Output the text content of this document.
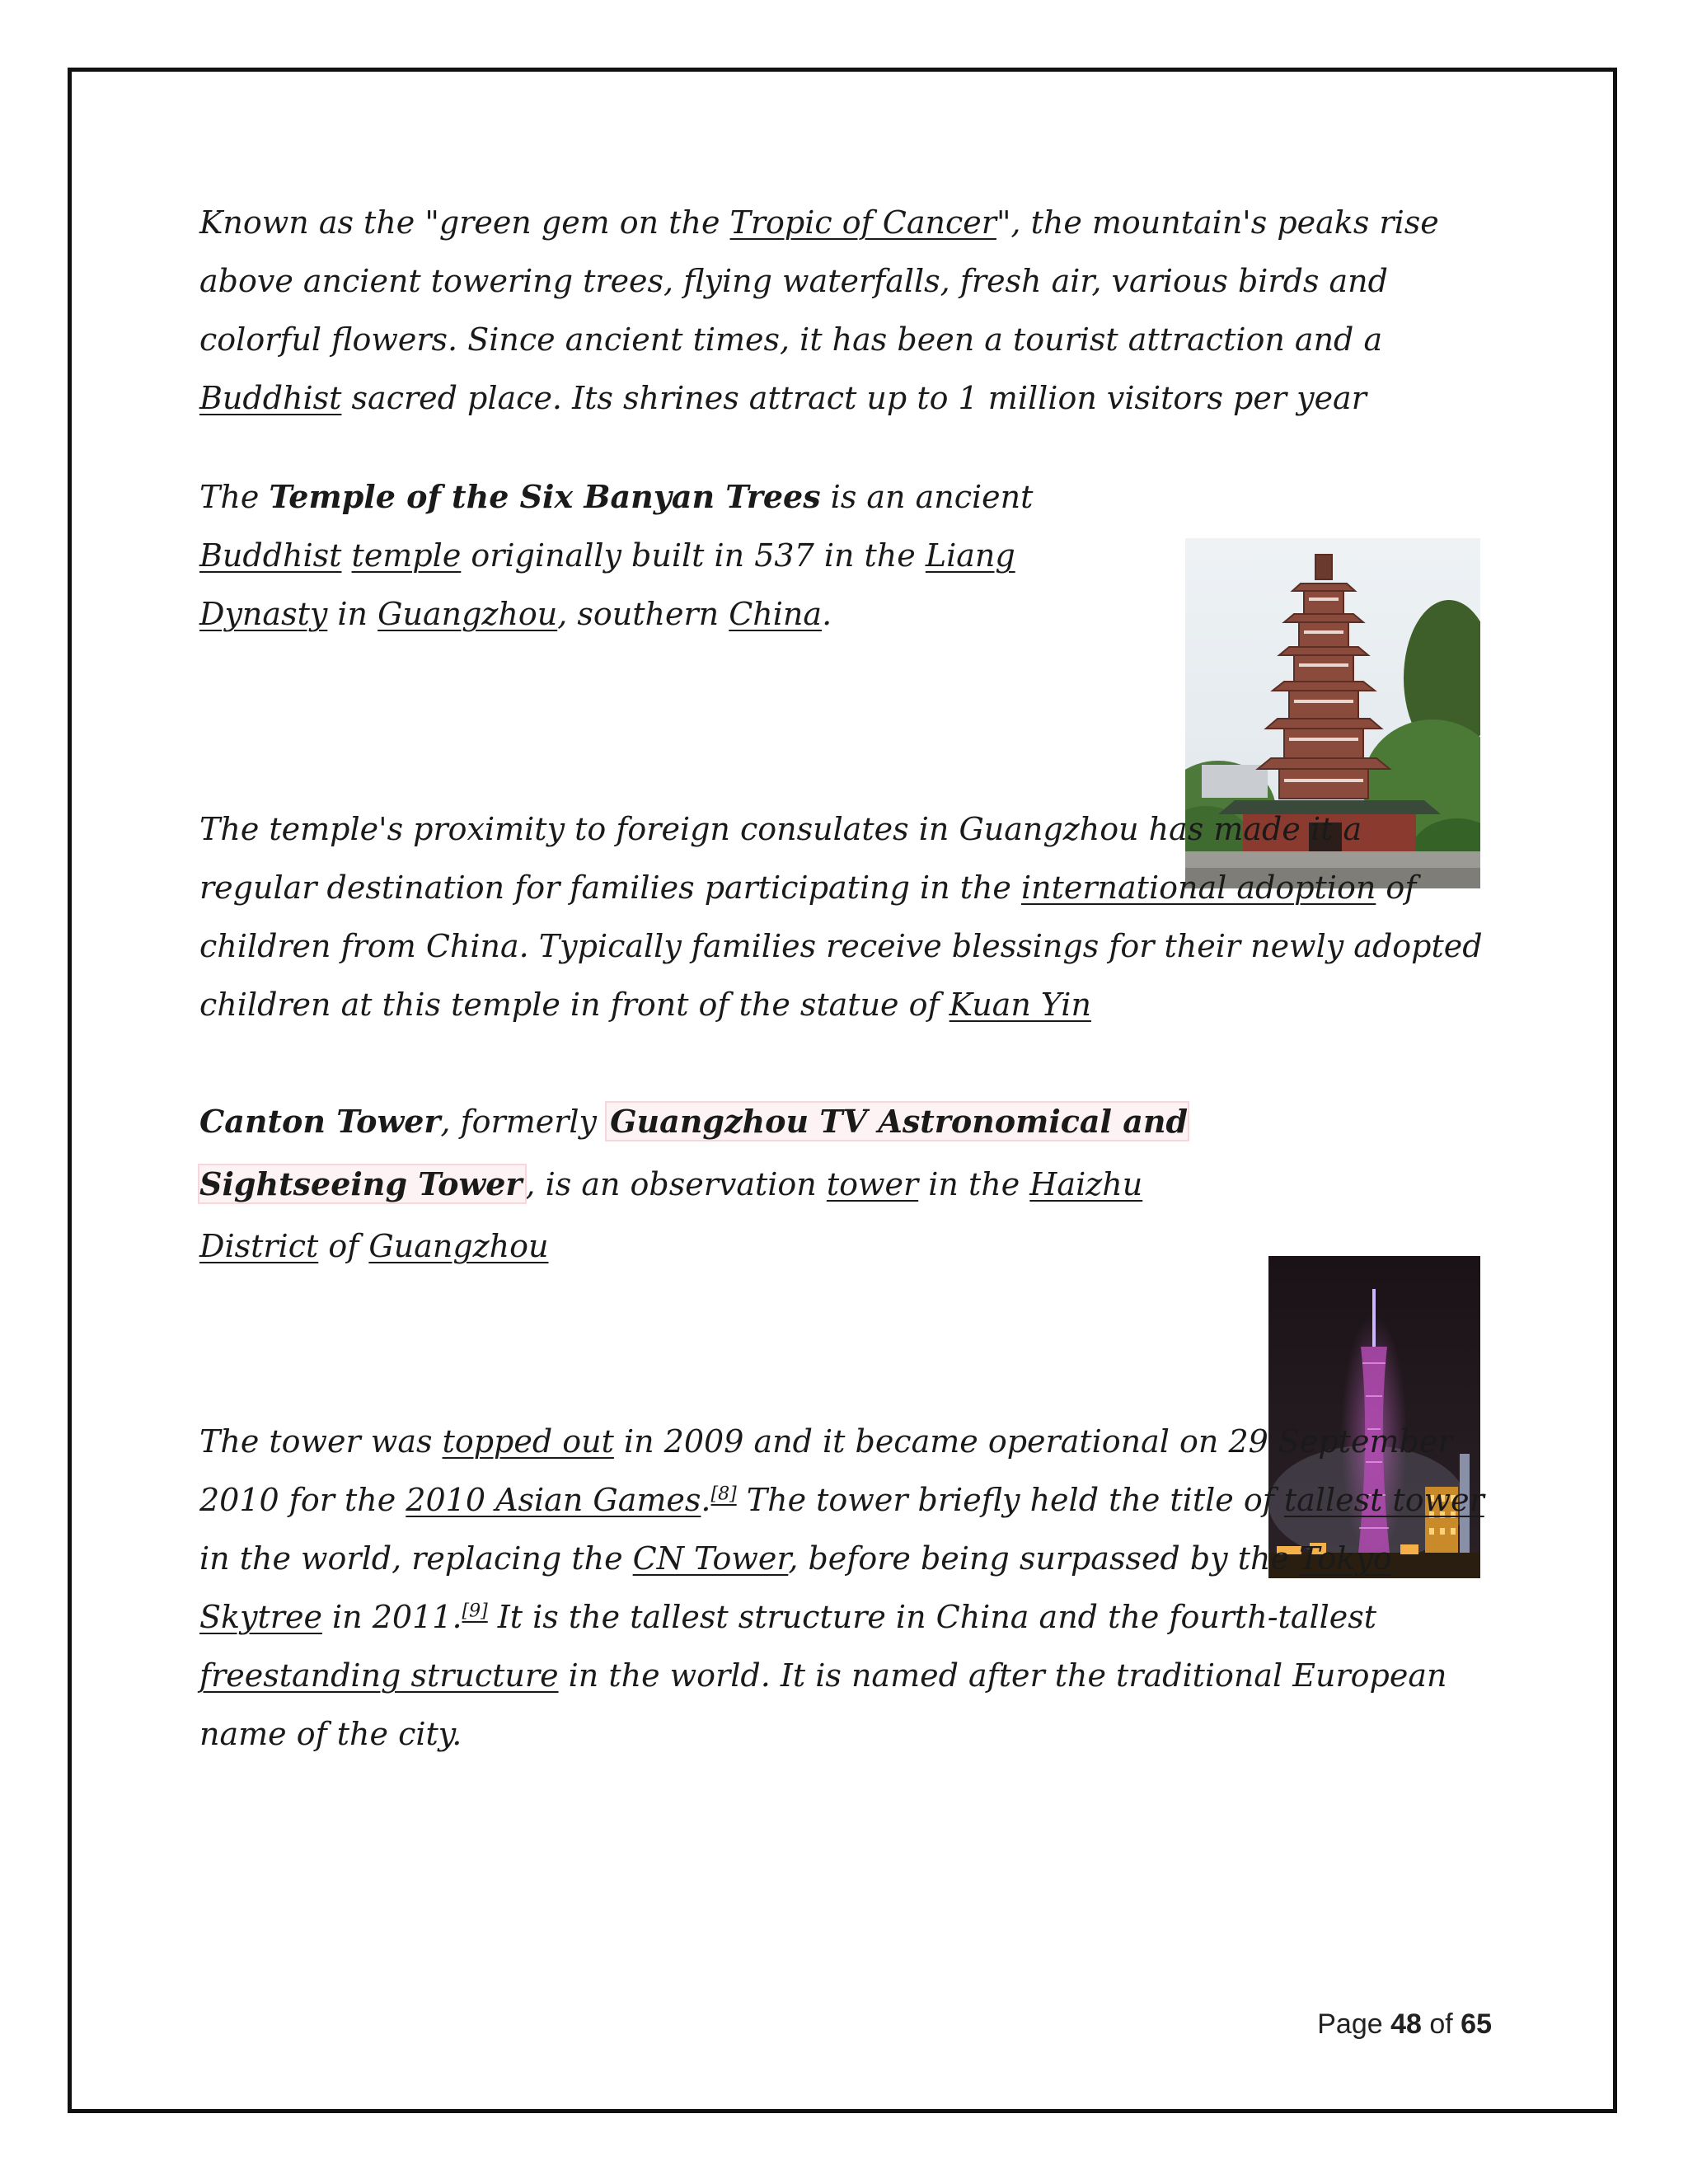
Known as the "green gem on the Tropic of Cancer", the mountain's peaks rise above ancient towering trees, flying waterfalls, fresh air, various birds and colorful flowers. Since ancient times, it has been a tourist attraction and a Buddhist sacred place. Its shrines attract up to 1 million visitors per year

The Temple of the Six Banyan Trees is an ancient Buddhist temple originally built in 537 in the Liang Dynasty in Guangzhou, southern China.

The temple's proximity to foreign consulates in Guangzhou has made it a regular destination for families participating in the international adoption of children from China. Typically families receive blessings for their newly adopted children at this temple in front of the statue of Kuan Yin

Canton Tower, formerly Guangzhou TV Astronomical and Sightseeing Tower , is an observation tower in the Haizhu District of Guangzhou

The tower was topped out in 2009 and it became operational on 29 September 2010 for the 2010 Asian Games.[8] The tower briefly held the title of tallest tower in the world, replacing the CN Tower, before being surpassed by the Tokyo Skytree in 2011.[9] It is the tallest structure in China and the fourth-tallest freestanding structure in the world. It is named after the traditional European name of the city.

Page 48 of 65
